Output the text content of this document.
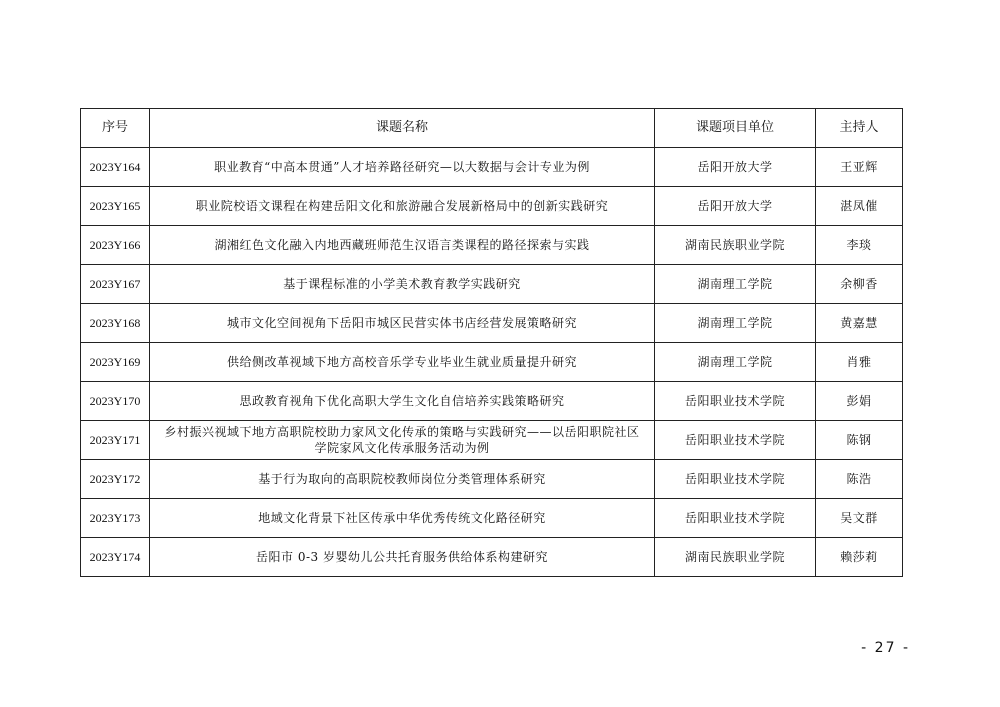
序号	课题名称	课题项目单位	主持人
2023Y164	职业教育“中高本贯通”人才培养路径研究—以大数据与会计专业为例	岳阳开放大学	王亚辉
2023Y165	职业院校语文课程在构建岳阳文化和旅游融合发展新格局中的创新实践研究	岳阳开放大学	湛凤催
2023Y166	湖湘红色文化融入内地西藏班师范生汉语言类课程的路径探索与实践	湖南民族职业学院	李琰
2023Y167	基于课程标准的小学美术教育教学实践研究	湖南理工学院	余柳香
2023Y168	城市文化空间视角下岳阳市城区民营实体书店经营发展策略研究	湖南理工学院	黄嘉慧
2023Y169	供给侧改革视域下地方高校音乐学专业毕业生就业质量提升研究	湖南理工学院	肖雅
2023Y170	思政教育视角下优化高职大学生文化自信培养实践策略研究	岳阳职业技术学院	彭娟
2023Y171	乡村振兴视域下地方高职院校助力家风文化传承的策略与实践研究——以岳阳职院社区学院家风文化传承服务活动为例	岳阳职业技术学院	陈钢
2023Y172	基于行为取向的高职院校教师岗位分类管理体系研究	岳阳职业技术学院	陈浩
2023Y173	地域文化背景下社区传承中华优秀传统文化路径研究	岳阳职业技术学院	吴文群
2023Y174	岳阳市 0-3 岁婴幼儿公共托育服务供给体系构建研究	湖南民族职业学院	赖莎莉
- 27 -
